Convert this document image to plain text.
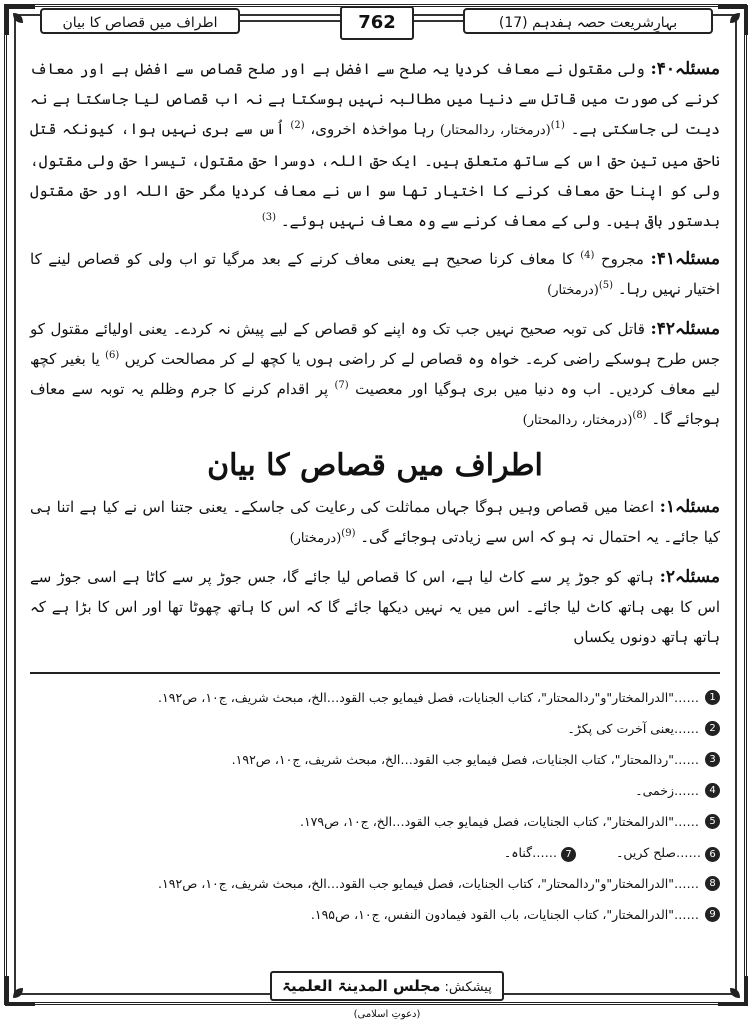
بہارِشریعت حصہ ہفدہم (17)
762
اطراف میں قصاص کا بیان

مسئلہ۴۰: ولی مقتول نے معاف کردیا یہ صلح سے افضل ہے اور صلح قصاص سے افضل ہے اور معاف کرنے کی صورت میں قاتل سے دنیا میں مطالبہ نہیں ہوسکتا ہے نہ اب قصاص لیا جاسکتا ہے نہ دیت لی جاسکتی ہے۔ $^{(1)}$(درمختار، ردالمحتار) رہا مواخذہ اخروی، $^{(2)}$ اُس سے بری نہیں ہوا، کیونکہ قتل ناحق میں تین حق اس کے ساتھ متعلق ہیں۔ ایک حق اللہ، دوسرا حق مقتول، تیسرا حق ولی مقتول، ولی کو اپنا حق معاف کرنے کا اختیار تھا سو اس نے معاف کردیا مگر حق اللہ اور حق مقتول بدستور باقی ہیں۔ ولی کے معاف کرنے سے وہ معاف نہیں ہوئے۔ $^{(3)}$

مسئلہ۴۱: مجروح $^{(4)}$ کا معاف کرنا صحیح ہے یعنی معاف کرنے کے بعد مرگیا تو اب ولی کو قصاص لینے کا اختیار نہیں رہا۔ $^{(5)}$(درمختار)

مسئلہ۴۲: قاتل کی توبہ صحیح نہیں جب تک وہ اپنے کو قصاص کے لیے پیش نہ کردے۔ یعنی اولیائے مقتول کو جس طرح ہوسکے راضی کرے۔ خواہ وہ قصاص لے کر راضی ہوں یا کچھ لے کر مصالحت کریں $^{(6)}$ یا بغیر کچھ لیے معاف کردیں۔ اب وہ دنیا میں بری ہوگیا اور معصیت $^{(7)}$ پر اقدام کرنے کا جرم وظلم یہ توبہ سے معاف ہوجائے گا۔ $^{(8)}$(درمختار، ردالمحتار)

اطراف میں قصاص کا بیان

مسئلہ۱: اعضا میں قصاص وہیں ہوگا جہاں مماثلت کی رعایت کی جاسکے۔ یعنی جتنا اس نے کیا ہے اتنا ہی کیا جائے۔ یہ احتمال نہ ہو کہ اس سے زیادتی ہوجائے گی۔ $^{(9)}$(درمختار)

مسئلہ۲: ہاتھ کو جوڑ پر سے کاٹ لیا ہے، اس کا قصاص لیا جائے گا، جس جوڑ پر سے کاٹا ہے اسی جوڑ سے اس کا بھی ہاتھ کاٹ لیا جائے۔ اس میں یہ نہیں دیکھا جائے گا کہ اس کا ہاتھ چھوٹا تھا اور اس کا بڑا ہے کہ ہاتھ ہاتھ دونوں یکساں

1
……"الدرالمختار"و"ردالمحتار"، کتاب الجنایات، فصل فیمایو جب القود…الخ، مبحث شریف، ج۱۰، ص۱۹۲.
2
……یعنی آخرت کی پکڑ۔
3
……"ردالمحتار"، کتاب الجنایات، فصل فیمایو جب القود…الخ، مبحث شریف، ج۱۰، ص۱۹۲.
4
……زخمی۔
5
……"الدرالمختار"، کتاب الجنایات، فصل فیمایو جب القود…الخ، ج۱۰، ص۱۷۹.
6 ……صلح کریں۔
7 ……گناہ۔
8
……"الدرالمختار"و"ردالمحتار"، کتاب الجنایات، فصل فیمایو جب القود…الخ، مبحث شریف، ج۱۰، ص۱۹۲.
9
……"الدرالمختار"، کتاب الجنایات، باب القود فیمادون النفس، ج۱۰، ص۱۹۵.
پیشکش: مجلس المدینۃ العلمیۃ (دعوتِ اسلامی)
